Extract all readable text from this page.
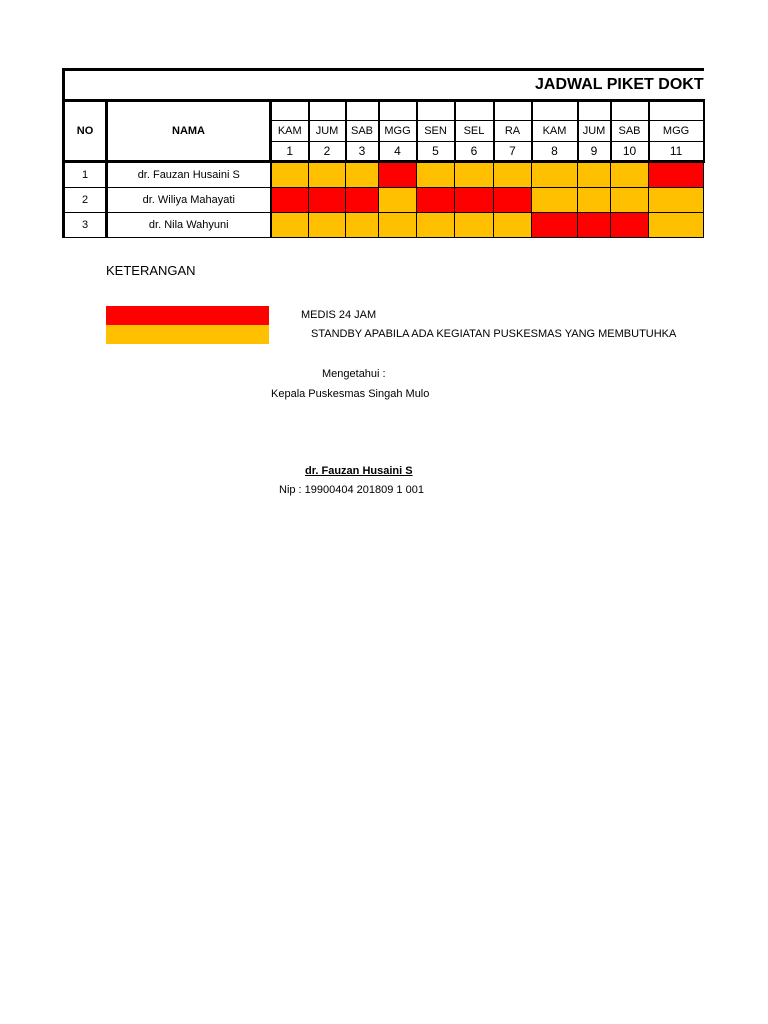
JADWAL PIKET DOKT												
NO	NAMA											
		KAM	JUM	SAB	MGG	SEN	SEL	RA	KAM	JUM	SAB	MGG
		1	2	3	4	5	6	7	8	9	10	11
1	dr. Fauzan Husaini S											
2	dr. Wiliya Mahayati											
3	dr. Nila Wahyuni											
KETERANGAN
MEDIS 24 JAM
STANDBY APABILA ADA KEGIATAN PUSKESMAS YANG MEMBUTUHKA
Mengetahui :
Kepala Puskesmas Singah Mulo
dr. Fauzan Husaini S
Nip : 19900404 201809 1 001
